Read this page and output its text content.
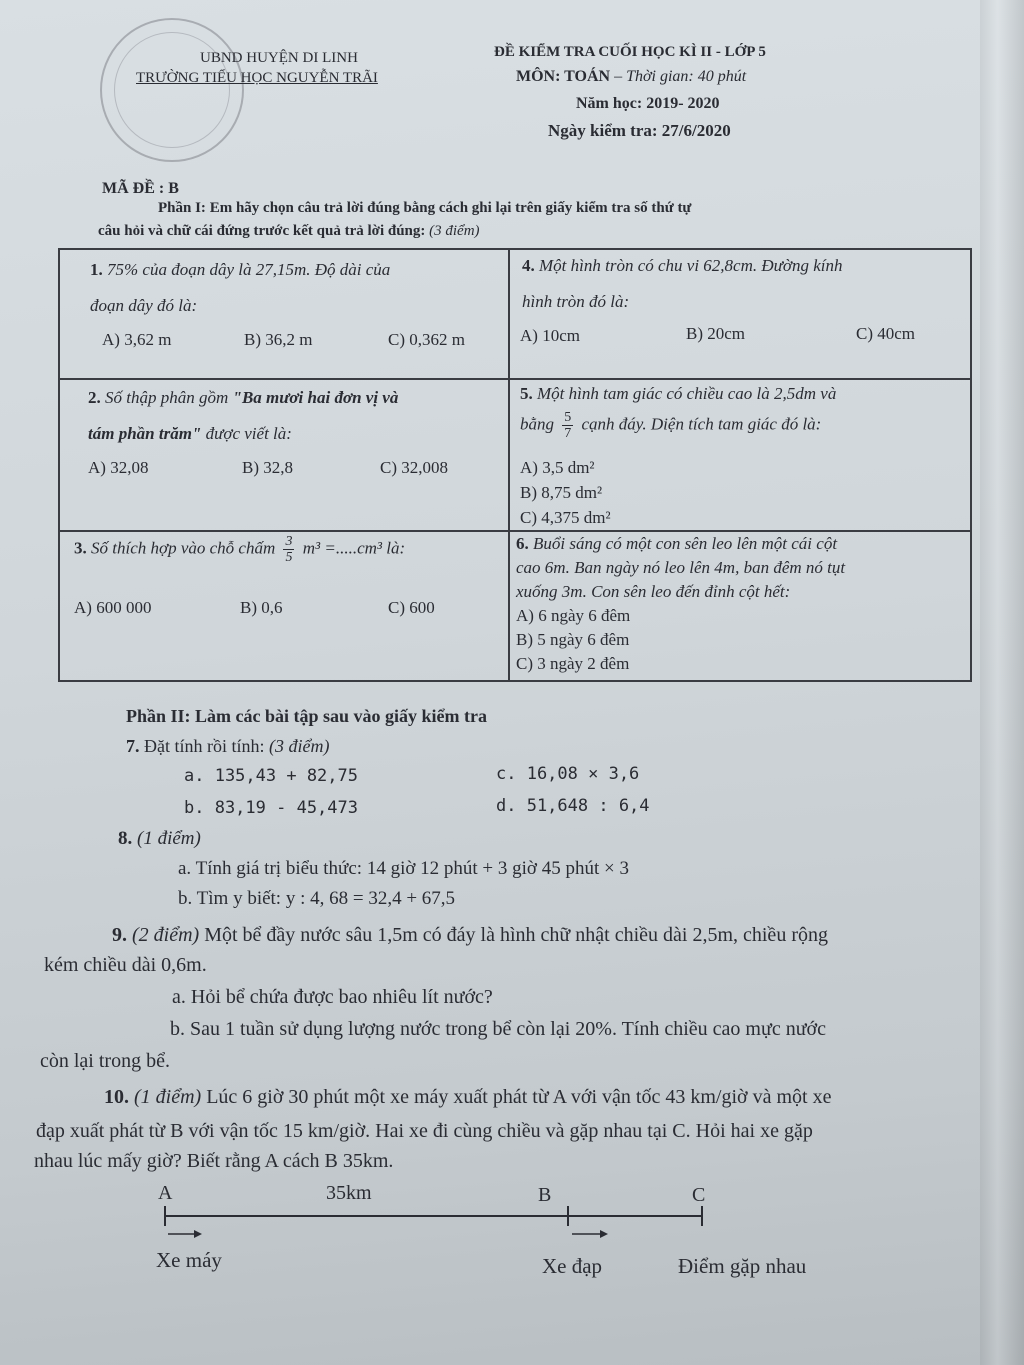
UBND HUYỆN DI LINH
TRƯỜNG TIỂU HỌC NGUYỄN TRÃI
ĐỀ KIỂM TRA CUỐI HỌC KÌ II - LỚP 5
MÔN: TOÁN – Thời gian: 40 phút
Năm học: 2019- 2020
Ngày kiểm tra: 27/6/2020
MÃ ĐỀ : B
Phần I: Em hãy chọn câu trả lời đúng bằng cách ghi lại trên giấy kiểm tra số thứ tự
câu hỏi và chữ cái đứng trước kết quả trả lời đúng: (3 điểm)
1. 75% của đoạn dây là 27,15m. Độ dài của
đoạn dây đó là:
A) 3,62 m	B) 36,2 m	C) 0,362 m
2. Số thập phân gồm "Ba mươi hai đơn vị và
tám phần trăm" được viết là:
A) 32,08	B) 32,8	C) 32,008
3. Số thích hợp vào chỗ chấm $\frac{3}{5} m^3 =.....cm^3$ là:
A) 600 000	B) 0,6	C) 600
4. Một hình tròn có chu vi 62,8cm. Đường kính
hình tròn đó là:
A) 10cm	B) 20cm	C) 40cm
5. Một hình tam giác có chiều cao là 2,5dm và
bằng $\frac{5}{7}$ cạnh đáy. Diện tích tam giác đó là:
A) 3,5 dm²
B) 8,75 dm²
C) 4,375 dm²
6. Buổi sáng có một con sên leo lên một cái cột
cao 6m. Ban ngày nó leo lên 4m, ban đêm nó tụt
xuống 3m. Con sên leo đến đỉnh cột hết:
A) 6 ngày 6 đêm
B) 5 ngày 6 đêm
C) 3 ngày 2 đêm
Phần II: Làm các bài tập sau vào giấy kiểm tra
7. Đặt tính rồi tính: (3 điểm)
a. 135,43 + 82,75
b. 83,19 - 45,473
c. 16,08 × 3,6
d. 51,648 : 6,4
8. (1 điểm)
a. Tính giá trị biểu thức: 14 giờ 12 phút + 3 giờ 45 phút × 3
b. Tìm y biết: y : 4, 68 = 32,4 + 67,5
9. (2 điểm) Một bể đầy nước sâu 1,5m có đáy là hình chữ nhật chiều dài 2,5m, chiều rộng
kém chiều dài 0,6m.
a. Hỏi bể chứa được bao nhiêu lít nước?
b. Sau 1 tuần sử dụng lượng nước trong bể còn lại 20%. Tính chiều cao mực nước
còn lại trong bể.
10. (1 điểm) Lúc 6 giờ 30 phút một xe máy xuất phát từ A với vận tốc 43 km/giờ và một xe
đạp xuất phát từ B với vận tốc 15 km/giờ. Hai xe đi cùng chiều và gặp nhau tại C. Hỏi hai xe gặp
nhau lúc mấy giờ? Biết rằng A cách B 35km.
A	35km	B	C
Xe máy	Xe đạp	Điểm gặp nhau
